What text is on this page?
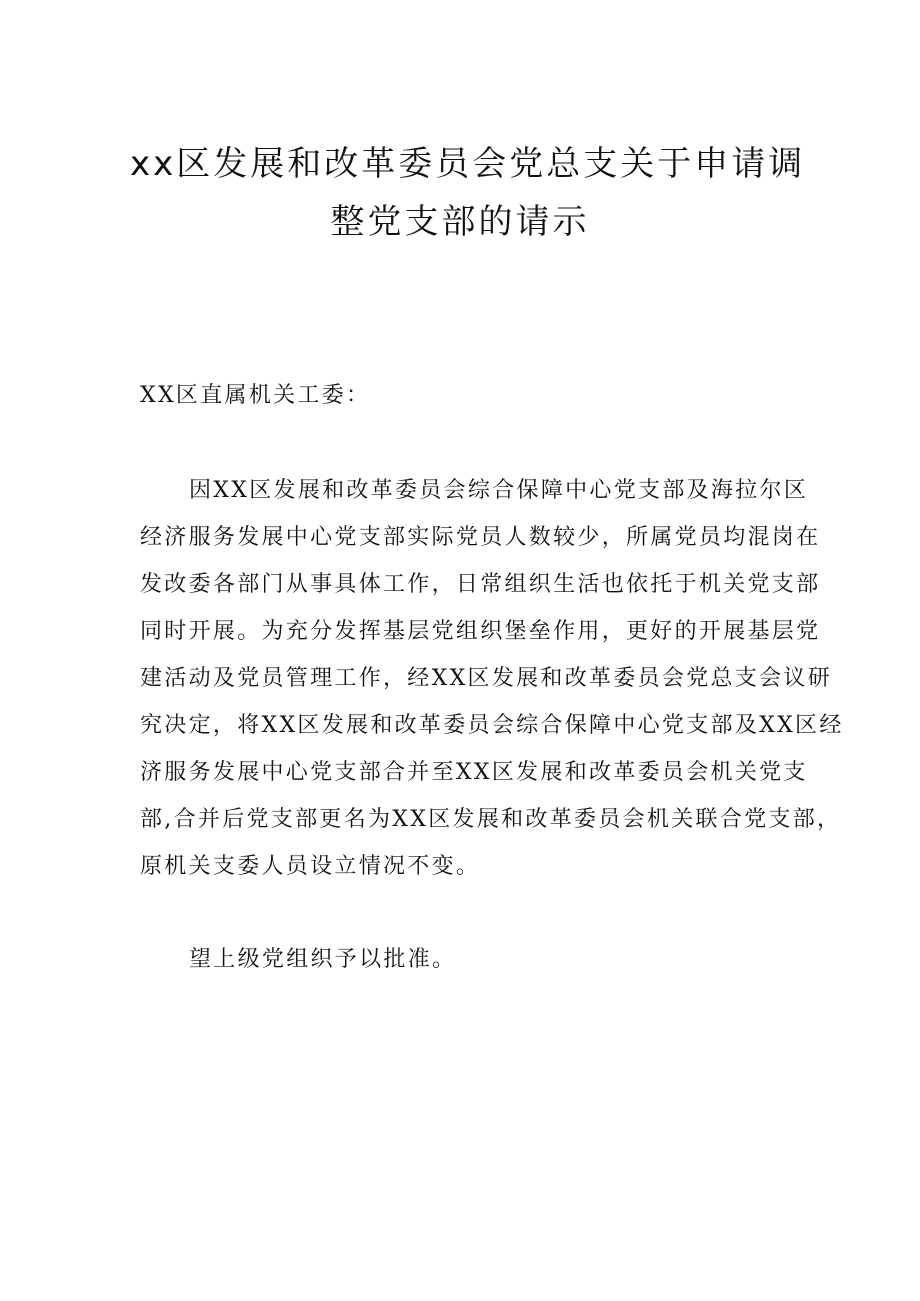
xx区发展和改革委员会党总支关于申请调
整党支部的请示
XX区直属机关工委：
因XX区发展和改革委员会综合保障中心党支部及海拉尔区
经济服务发展中心党支部实际党员人数较少，所属党员均混岗在
发改委各部门从事具体工作，日常组织生活也依托于机关党支部
同时开展。为充分发挥基层党组织堡垒作用，更好的开展基层党
建活动及党员管理工作，经XX区发展和改革委员会党总支会议研
究决定，将XX区发展和改革委员会综合保障中心党支部及XX区经
济服务发展中心党支部合并至XX区发展和改革委员会机关党支
部,合并后党支部更名为XX区发展和改革委员会机关联合党支部，
原机关支委人员设立情况不变。
望上级党组织予以批准。
